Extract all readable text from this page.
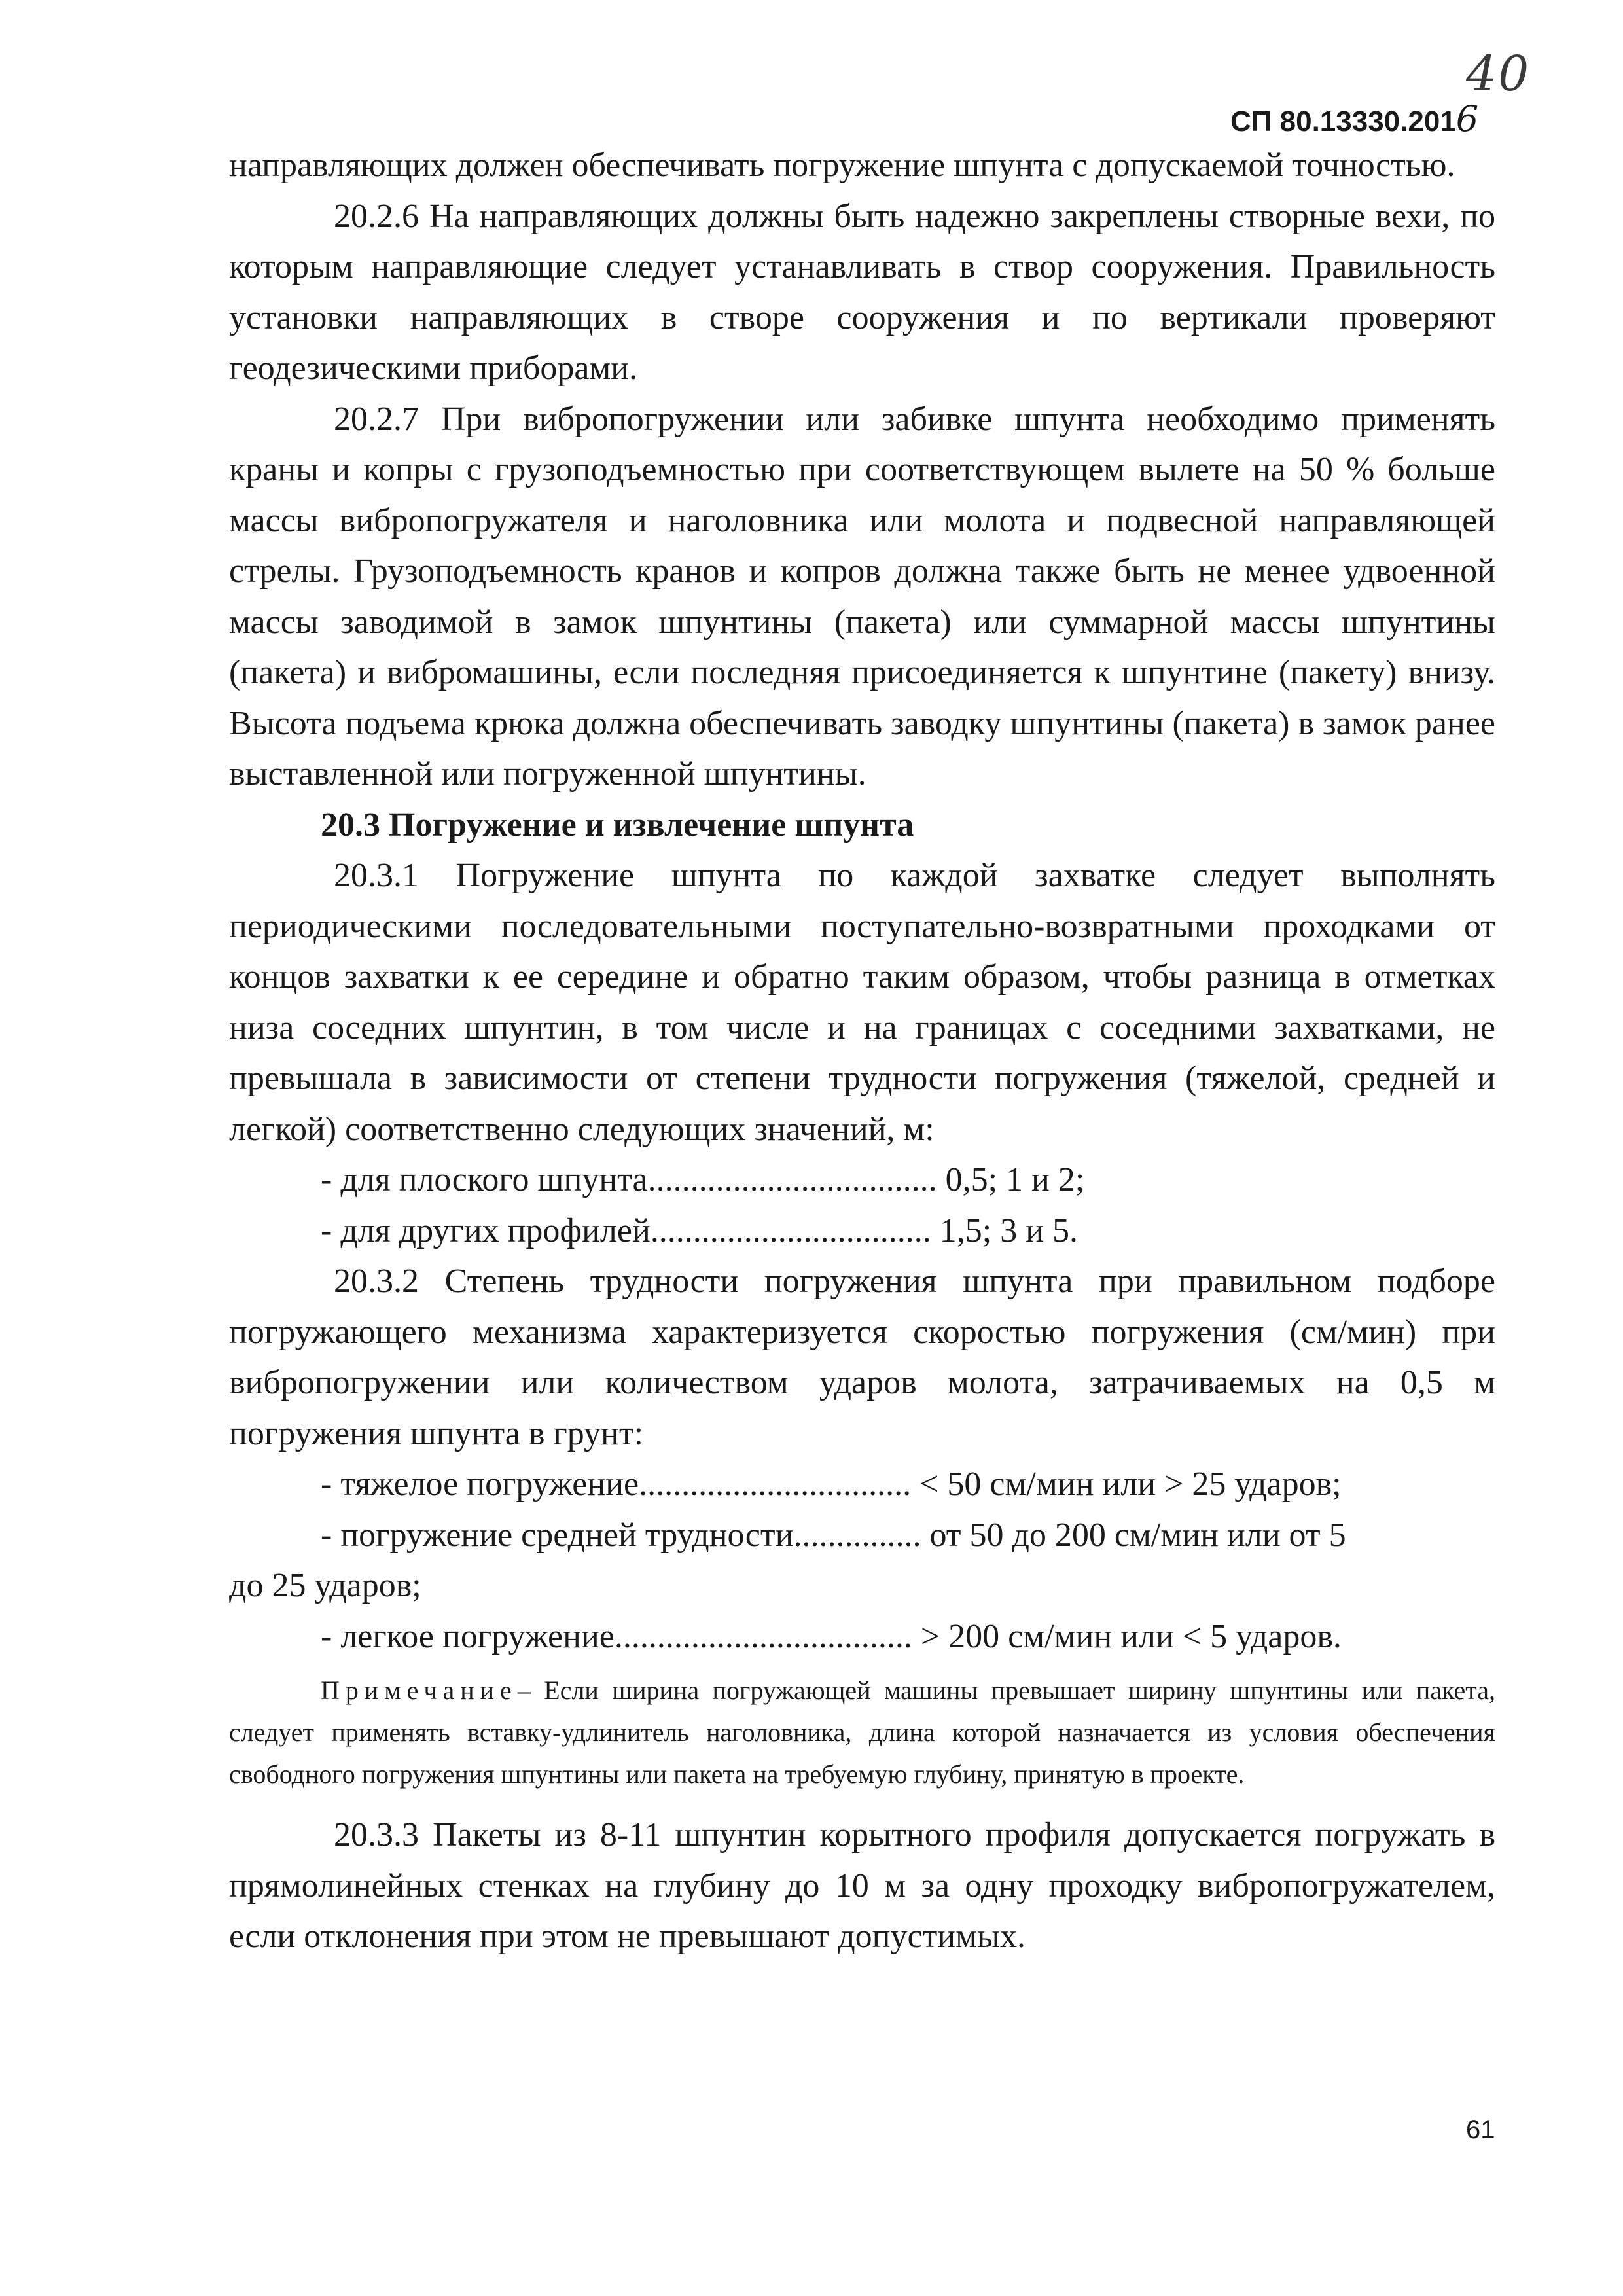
40
СП 80.13330.2016

направляющих должен обеспечивать погружение шпунта с допускаемой точностью.

20.2.6 На направляющих должны быть надежно закреплены створные вехи, по которым направляющие следует устанавливать в створ сооружения. Правильность установки направляющих в створе сооружения и по вертикали проверяют геодезическими приборами.

20.2.7 При вибропогружении или забивке шпунта необходимо применять краны и копры с грузоподъемностью при соответствующем вылете на 50 % больше массы вибропогружателя и наголовника или молота и подвесной направляющей стрелы. Грузоподъемность кранов и копров должна также быть не менее удвоенной массы заводимой в замок шпунтины (пакета) или суммарной массы шпунтины (пакета) и вибромашины, если последняя присоединяется к шпунтине (пакету) внизу. Высота подъема крюка должна обеспечивать заводку шпунтины (пакета) в замок ранее выставленной или погруженной шпунтины.

20.3 Погружение и извлечение шпунта

20.3.1 Погружение шпунта по каждой захватке следует выполнять периодическими последовательными поступательно-возвратными проходками от концов захватки к ее середине и обратно таким образом, чтобы разница в отметках низа соседних шпунтин, в том числе и на границах с соседними захватками, не превышала в зависимости от степени трудности погружения (тяжелой, средней и легкой) соответственно следующих значений, м:

- для плоского шпунта.................................. 0,5; 1 и 2;

- для других профилей................................. 1,5; 3 и 5.

20.3.2 Степень трудности погружения шпунта при правильном подборе погружающего механизма характеризуется скоростью погружения (см/мин) при вибропогружении или количеством ударов молота, затрачиваемых на 0,5 м погружения шпунта в грунт:

- тяжелое погружение................................ < 50 см/мин или > 25 ударов;

- погружение средней трудности............... от 50 до 200 см/мин или от 5

до 25 ударов;

- легкое погружение................................... > 200 см/мин или < 5 ударов.

Примечание– Если ширина погружающей машины превышает ширину шпунтины или пакета, следует применять вставку-удлинитель наголовника, длина которой назначается из условия обеспечения свободного погружения шпунтины или пакета на требуемую глубину, принятую в проекте.

20.3.3 Пакеты из 8-11 шпунтин корытного профиля допускается погружать в прямолинейных стенках на глубину до 10 м за одну проходку вибропогружателем, если отклонения при этом не превышают допустимых.

61
